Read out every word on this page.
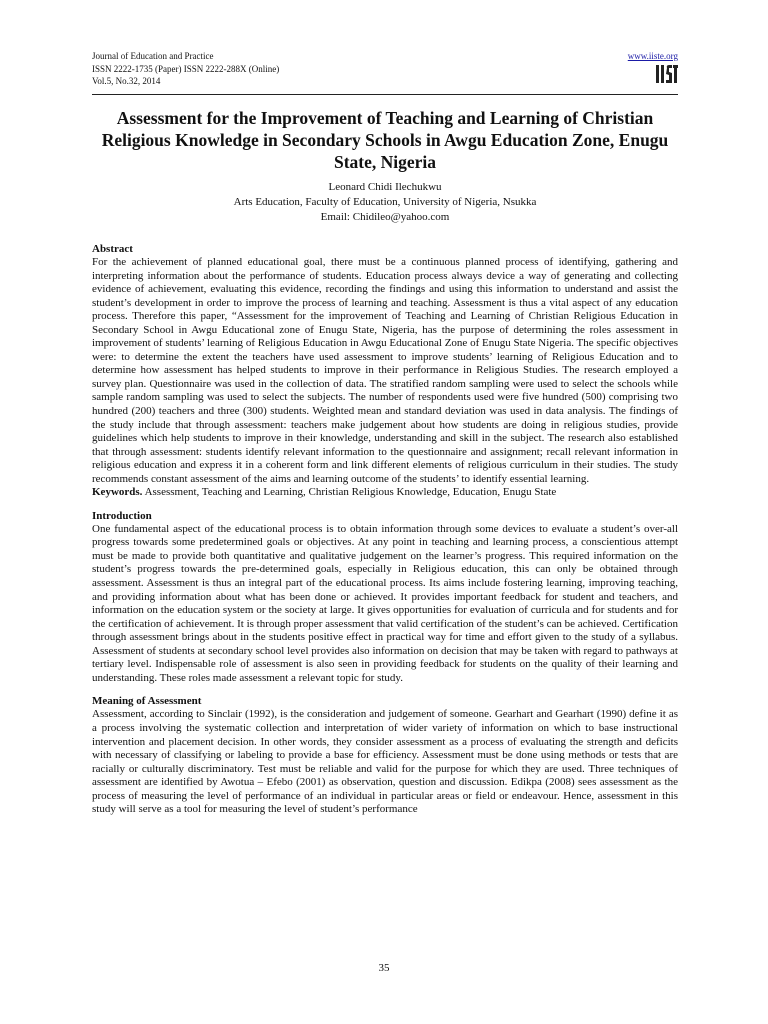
Journal of Education and Practice
ISSN 2222-1735 (Paper) ISSN 2222-288X (Online)
Vol.5, No.32, 2014
www.iiste.org
Assessment for the Improvement of Teaching and Learning of Christian Religious Knowledge in Secondary Schools in Awgu Education Zone, Enugu State, Nigeria
Leonard Chidi Ilechukwu
Arts Education, Faculty of Education, University of Nigeria, Nsukka
Email: Chidileo@yahoo.com
Abstract

For the achievement of planned educational goal, there must be a continuous planned process of identifying, gathering and interpreting information about the performance of students. Education process always device a way of generating and collecting evidence of achievement, evaluating this evidence, recording the findings and using this information to understand and assist the student’s development in order to improve the process of learning and teaching. Assessment is thus a vital aspect of any education process. Therefore this paper, “Assessment for the improvement of Teaching and Learning of Christian Religious Education in Secondary School in Awgu Educational zone of Enugu State, Nigeria, has the purpose of determining the roles assessment in improvement of students’ learning of Religious Education in Awgu Educational Zone of Enugu State Nigeria. The specific objectives were: to determine the extent the teachers have used assessment to improve students’ learning of Religious Education and to determine how assessment has helped students to improve in their performance in Religious Studies. The research employed a survey plan. Questionnaire was used in the collection of data. The stratified random sampling were used to select the schools while sample random sampling was used to select the subjects. The number of respondents used were five hundred (500) comprising two hundred (200) teachers and three (300) students. Weighted mean and standard deviation was used in data analysis. The findings of the study include that through assessment: teachers make judgement about how students are doing in religious studies, provide guidelines which help students to improve in their knowledge, understanding and skill in the subject. The research also established that through assessment: students identify relevant information to the questionnaire and assignment; recall relevant information in religious education and express it in a coherent form and link different elements of religious curriculum in their studies. The study recommends constant assessment of the aims and learning outcome of the students’ to identify essential learning.

Keywords. Assessment, Teaching and Learning, Christian Religious Knowledge, Education, Enugu State

Introduction

One fundamental aspect of the educational process is to obtain information through some devices to evaluate a student’s over-all progress towards some predetermined goals or objectives. At any point in teaching and learning process, a conscientious attempt must be made to provide both quantitative and qualitative judgement on the learner’s progress. This required information on the student’s progress towards the pre-determined goals, especially in Religious education, this can only be obtained through assessment. Assessment is thus an integral part of the educational process. Its aims include fostering learning, improving teaching, and providing information about what has been done or achieved. It provides important feedback for student and teachers, and information on the education system or the society at large. It gives opportunities for evaluation of curricula and for students and for the certification of achievement. It is through proper assessment that valid certification of the student’s can be achieved. Certification through assessment brings about in the students positive effect in practical way for time and effort given to the study of a syllabus. Assessment of students at secondary school level provides also information on decision that may be taken with regard to pathways at tertiary level. Indispensable role of assessment is also seen in providing feedback for students on the quality of their learning and understanding. These roles made assessment a relevant topic for study.

Meaning of Assessment

Assessment, according to Sinclair (1992), is the consideration and judgement of someone. Gearhart and Gearhart (1990) define it as a process involving the systematic collection and interpretation of wider variety of information on which to base instructional intervention and placement decision. In other words, they consider assessment as a process of evaluating the strength and deficits with necessary of classifying or labeling to provide a base for efficiency. Assessment must be done using methods or tests that are racially or culturally discriminatory. Test must be reliable and valid for the purpose for which they are used. Three techniques of assessment are identified by Awotua – Efebo (2001) as observation, question and discussion. Edikpa (2008) sees assessment as the process of measuring the level of performance of an individual in particular areas or field or endeavour. Hence, assessment in this study will serve as a tool for measuring the level of student’s performance

35
